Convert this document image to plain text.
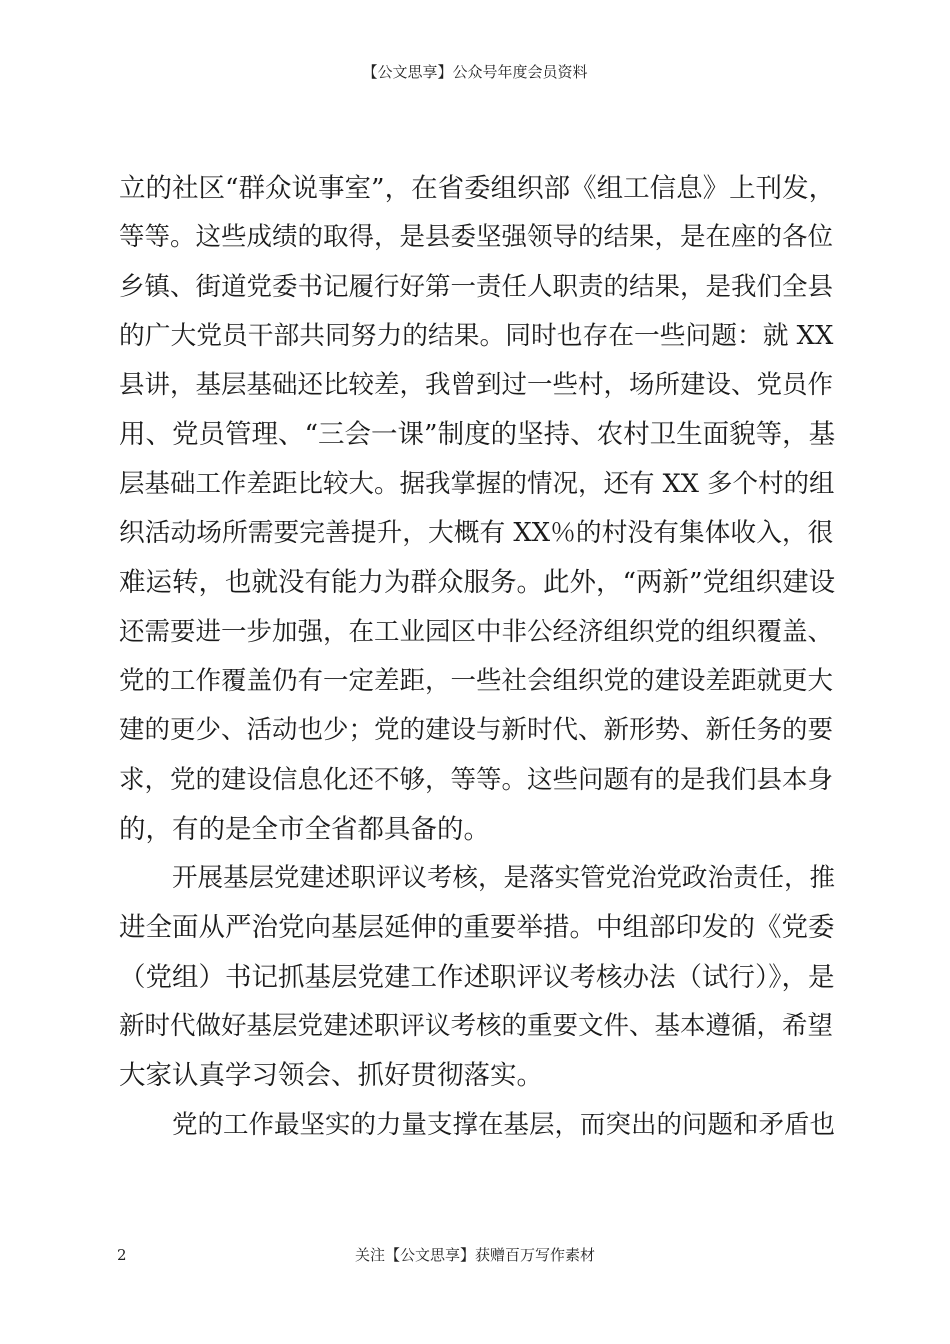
【公文思享】公众号年度会员资料
立的社区“群众说事室”，在省委组织部《组工信息》上刊发，
等等。这些成绩的取得，是县委坚强领导的结果，是在座的各位
乡镇、街道党委书记履行好第一责任人职责的结果，是我们全县
的广大党员干部共同努力的结果。同时也存在一些问题：就 XX
县讲，基层基础还比较差，我曾到过一些村，场所建设、党员作
用、党员管理、“三会一课”制度的坚持、农村卫生面貌等，基
层基础工作差距比较大。据我掌握的情况，还有 XX 多个村的组
织活动场所需要完善提升，大概有 XX％的村没有集体收入，很
难运转，也就没有能力为群众服务。此外，“两新”党组织建设
还需要进一步加强，在工业园区中非公经济组织党的组织覆盖、
党的工作覆盖仍有一定差距，一些社会组织党的建设差距就更大
建的更少、活动也少；党的建设与新时代、新形势、新任务的要
求，党的建设信息化还不够，等等。这些问题有的是我们县本身
的，有的是全市全省都具备的。
开展基层党建述职评议考核，是落实管党治党政治责任，推
进全面从严治党向基层延伸的重要举措。中组部印发的《党委
（党组）书记抓基层党建工作述职评议考核办法（试行）》，是
新时代做好基层党建述职评议考核的重要文件、基本遵循，希望
大家认真学习领会、抓好贯彻落实。
党的工作最坚实的力量支撑在基层，而突出的问题和矛盾也
2	关注【公文思享】获赠百万写作素材
